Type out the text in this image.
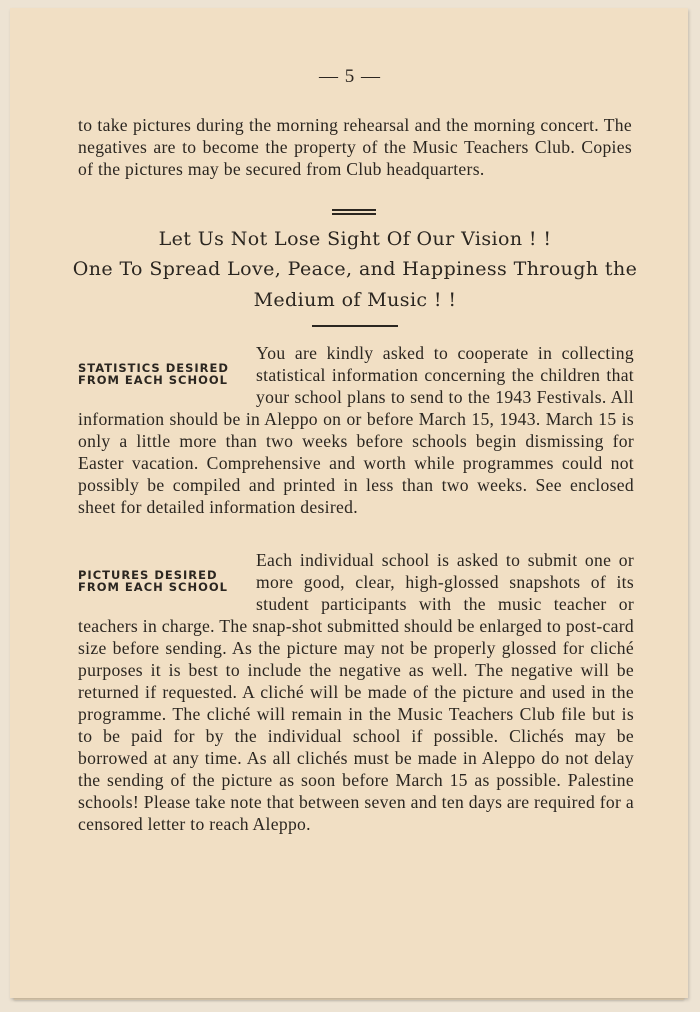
— 5 —

to take pictures during the morning rehearsal and the morning concert. The negatives are to become the property of the Music Teachers Club. Copies of the pictures may be secured from Club headquarters.

Let Us Not Lose Sight Of Our Vision ! !
One To Spread Love, Peace, and Happiness Through the
Medium of Music ! !
STATISTICS DESIRED FROM EACH SCHOOL

You are kindly asked to cooperate in collecting statistical information concerning the children that your school plans to send to the 1943 Festivals. All information should be in Aleppo on or before March 15, 1943. March 15 is only a little more than two weeks before schools begin dismissing for Easter vacation. Comprehensive and worth while programmes could not possibly be compiled and printed in less than two weeks. See enclosed sheet for detailed information desired.

PICTURES DESIRED FROM EACH SCHOOL

Each individual school is asked to submit one or more good, clear, high-glossed snapshots of its student participants with the music teacher or teachers in charge. The snap-shot submitted should be enlarged to post-card size before sending. As the picture may not be properly glossed for cliché purposes it is best to include the negative as well. The negative will be returned if requested. A cliché will be made of the picture and used in the programme. The cliché will remain in the Music Teachers Club file but is to be paid for by the individual school if possible. Clichés may be borrowed at any time. As all clichés must be made in Aleppo do not delay the sending of the picture as soon before March 15 as possible. Palestine schools! Please take note that between seven and ten days are required for a censored letter to reach Aleppo.
